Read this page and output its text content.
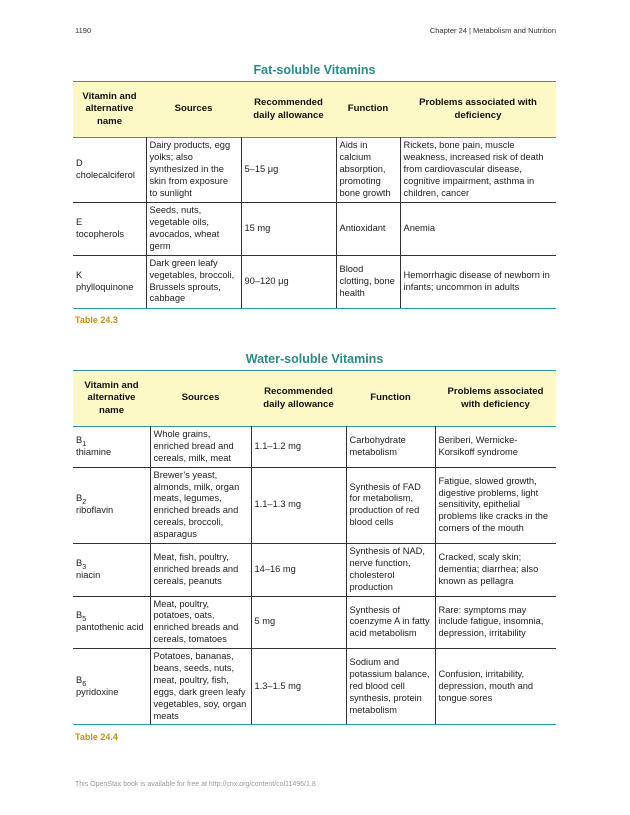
1190	Chapter 24 | Metabolism and Nutrition
Fat-soluble Vitamins
Vitamin and alternative name	Sources	Recommended daily allowance	Function	Problems associated with deficiency
D
cholecalciferol	Dairy products, egg yolks; also synthesized in the skin from exposure to sunlight	5–15 μg	Aids in calcium absorption, promoting bone growth	Rickets, bone pain, muscle weakness, increased risk of death from cardiovascular disease, cognitive impairment, asthma in children, cancer
E
tocopherols	Seeds, nuts, vegetable oils, avocados, wheat germ	15 mg	Antioxidant	Anemia
K
phylloquinone	Dark green leafy vegetables, broccoli, Brussels sprouts, cabbage	90–120 μg	Blood clotting, bone health	Hemorrhagic disease of newborn in infants; uncommon in adults
Table 24.3
Water-soluble Vitamins
Vitamin and alternative name	Sources	Recommended daily allowance	Function	Problems associated with deficiency
$B_1$
thiamine	Whole grains, enriched bread and cereals, milk, meat	1.1–1.2 mg	Carbohydrate metabolism	Beriberi, Wernicke-Korsikoff syndrome
$B_2$
riboflavin	Brewer’s yeast, almonds, milk, organ meats, legumes, enriched breads and cereals, broccoli, asparagus	1.1–1.3 mg	Synthesis of FAD for metabolism, production of red blood cells	Fatigue, slowed growth, digestive problems, light sensitivity, epithelial problems like cracks in the corners of the mouth
$B_3$
niacin	Meat, fish, poultry, enriched breads and cereals, peanuts	14–16 mg	Synthesis of NAD, nerve function, cholesterol production	Cracked, scaly skin; dementia; diarrhea; also known as pellagra
$B_5$
pantothenic acid	Meat, poultry, potatoes, oats, enriched breads and cereals, tomatoes	5 mg	Synthesis of coenzyme A in fatty acid metabolism	Rare: symptoms may include fatigue, insomnia, depression, irritability
$B_6$
pyridoxine	Potatoes, bananas, beans, seeds, nuts, meat, poultry, fish, eggs, dark green leafy vegetables, soy, organ meats	1.3–1.5 mg	Sodium and potassium balance, red blood cell synthesis, protein metabolism	Confusion, irritability, depression, mouth and tongue sores
Table 24.4
This OpenStax book is available for free at http://cnx.org/content/col11496/1.8
